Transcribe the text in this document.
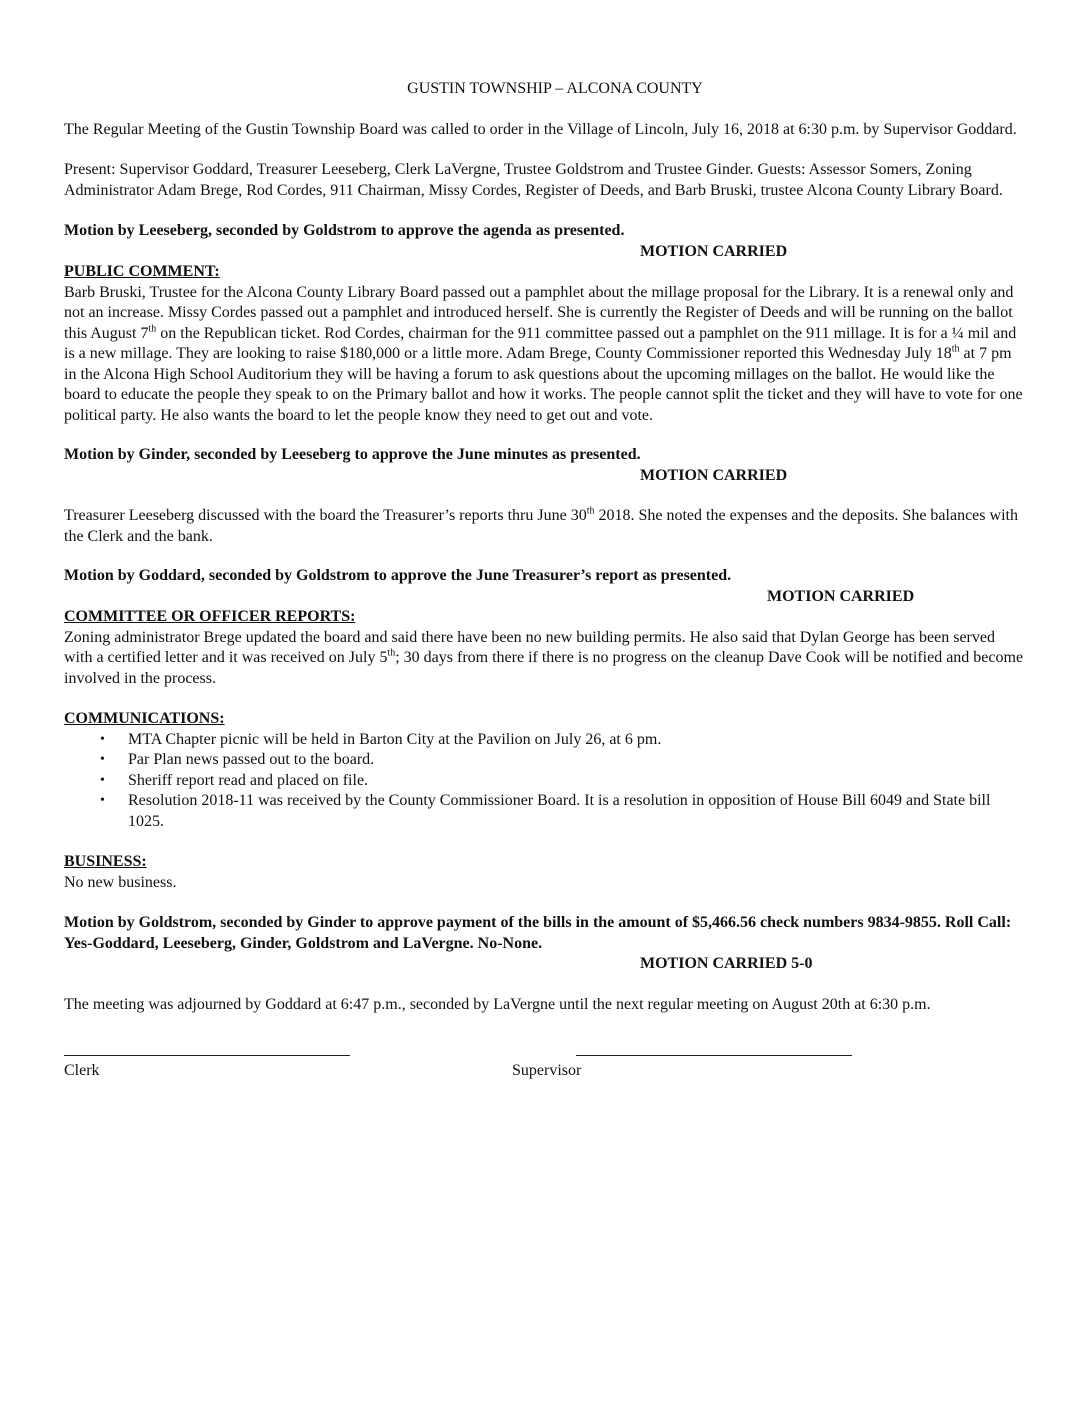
GUSTIN TOWNSHIP – ALCONA COUNTY

The Regular Meeting of the Gustin Township Board was called to order in the Village of Lincoln, July 16, 2018 at 6:30 p.m. by Supervisor Goddard.

Present: Supervisor Goddard, Treasurer Leeseberg, Clerk LaVergne, Trustee Goldstrom and Trustee Ginder. Guests: Assessor Somers, Zoning Administrator Adam Brege, Rod Cordes, 911 Chairman, Missy Cordes, Register of Deeds, and Barb Bruski, trustee Alcona County Library Board.

Motion by Leeseberg, seconded by Goldstrom to approve the agenda as presented.

MOTION CARRIED

PUBLIC COMMENT:

Barb Bruski, Trustee for the Alcona County Library Board passed out a pamphlet about the millage proposal for the Library. It is a renewal only and not an increase. Missy Cordes passed out a pamphlet and introduced herself. She is currently the Register of Deeds and will be running on the ballot this August 7th on the Republican ticket. Rod Cordes, chairman for the 911 committee passed out a pamphlet on the 911 millage. It is for a ¼ mil and is a new millage. They are looking to raise $180,000 or a little more. Adam Brege, County Commissioner reported this Wednesday July 18th at 7 pm in the Alcona High School Auditorium they will be having a forum to ask questions about the upcoming millages on the ballot. He would like the board to educate the people they speak to on the Primary ballot and how it works. The people cannot split the ticket and they will have to vote for one political party. He also wants the board to let the people know they need to get out and vote.

Motion by Ginder, seconded by Leeseberg to approve the June minutes as presented.

MOTION CARRIED

Treasurer Leeseberg discussed with the board the Treasurer’s reports thru June 30th 2018. She noted the expenses and the deposits. She balances with the Clerk and the bank.

Motion by Goddard, seconded by Goldstrom to approve the June Treasurer’s report as presented.

MOTION CARRIED

COMMITTEE OR OFFICER REPORTS:

Zoning administrator Brege updated the board and said there have been no new building permits. He also said that Dylan George has been served with a certified letter and it was received on July 5th; 30 days from there if there is no progress on the cleanup Dave Cook will be notified and become involved in the process.

COMMUNICATIONS:

• MTA Chapter picnic will be held in Barton City at the Pavilion on July 26, at 6 pm.
• Par Plan news passed out to the board.
• Sheriff report read and placed on file.
• Resolution 2018-11 was received by the County Commissioner Board. It is a resolution in opposition of House Bill 6049 and State bill 1025.

BUSINESS:

No new business.

Motion by Goldstrom, seconded by Ginder to approve payment of the bills in the amount of $5,466.56 check numbers 9834-9855. Roll Call: Yes-Goddard, Leeseberg, Ginder, Goldstrom and LaVergne. No-None.

MOTION CARRIED 5-0

The meeting was adjourned by Goddard at 6:47 p.m., seconded by LaVergne until the next regular meeting on August 20th at 6:30 p.m.

Clerk	Supervisor
